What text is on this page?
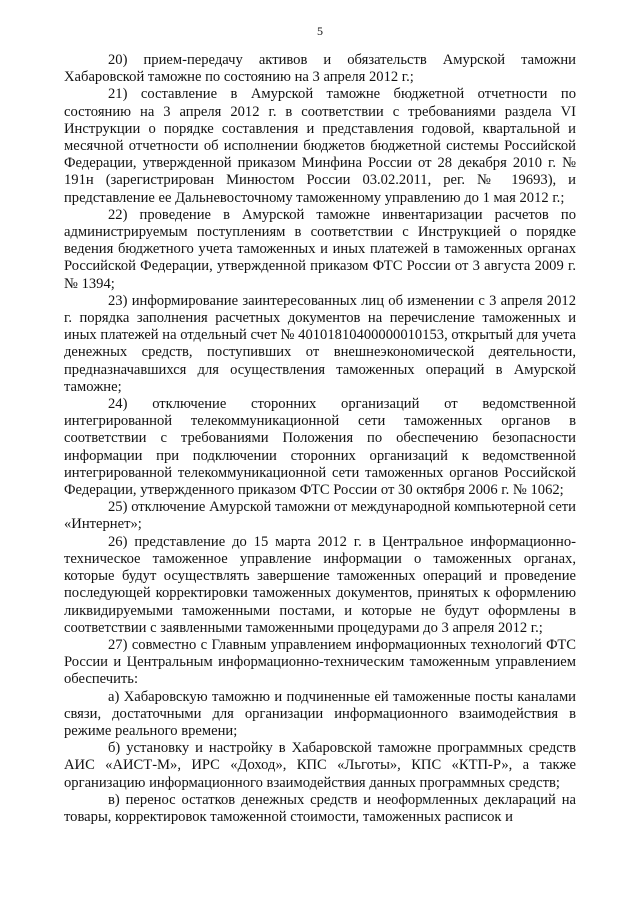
5

20) прием-передачу активов и обязательств Амурской таможни Хабаровской таможне по состоянию на 3 апреля 2012 г.;

21) составление в Амурской таможне бюджетной отчетности по состоянию на 3 апреля 2012 г. в соответствии с требованиями раздела VI Инструкции о порядке составления и представления годовой, квартальной и месячной отчетности об исполнении бюджетов бюджетной системы Российской Федерации, утвержденной приказом Минфина России от 28 декабря 2010 г. № 191н (зарегистрирован Минюстом России 03.02.2011, рег. № 19693), и представление ее Дальневосточному таможенному управлению до 1 мая 2012 г.;

22) проведение в Амурской таможне инвентаризации расчетов по администрируемым поступлениям в соответствии с Инструкцией о порядке ведения бюджетного учета таможенных и иных платежей в таможенных органах Российской Федерации, утвержденной приказом ФТС России от 3 августа 2009 г. № 1394;

23) информирование заинтересованных лиц об изменении с 3 апреля 2012 г. порядка заполнения расчетных документов на перечисление таможенных и иных платежей на отдельный счет № 40101810400000010153, открытый для учета денежных средств, поступивших от внешнеэкономической деятельности, предназначавшихся для осуществления таможенных операций в Амурской таможне;

24) отключение сторонних организаций от ведомственной интегрированной телекоммуникационной сети таможенных органов в соответствии с требованиями Положения по обеспечению безопасности информации при подключении сторонних организаций к ведомственной интегрированной телекоммуникационной сети таможенных органов Российской Федерации, утвержденного приказом ФТС России от 30 октября 2006 г. № 1062;

25) отключение Амурской таможни от международной компьютерной сети «Интернет»;

26) представление до 15 марта 2012 г. в Центральное информационно-техническое таможенное управление информации о таможенных органах, которые будут осуществлять завершение таможенных операций и проведение последующей корректировки таможенных документов, принятых к оформлению ликвидируемыми таможенными постами, и которые не будут оформлены в соответствии с заявленными таможенными процедурами до 3 апреля 2012 г.;

27) совместно с Главным управлением информационных технологий ФТС России и Центральным информационно-техническим таможенным управлением обеспечить:

а) Хабаровскую таможню и подчиненные ей таможенные посты каналами связи, достаточными для организации информационного взаимодействия в режиме реального времени;

б) установку и настройку в Хабаровской таможне программных средств АИС «АИСТ-М», ИРС «Доход», КПС «Льготы», КПС «КТП-Р», а также организацию информационного взаимодействия данных программных средств;

в) перенос остатков денежных средств и неоформленных деклараций на товары, корректировок таможенной стоимости, таможенных расписок и
